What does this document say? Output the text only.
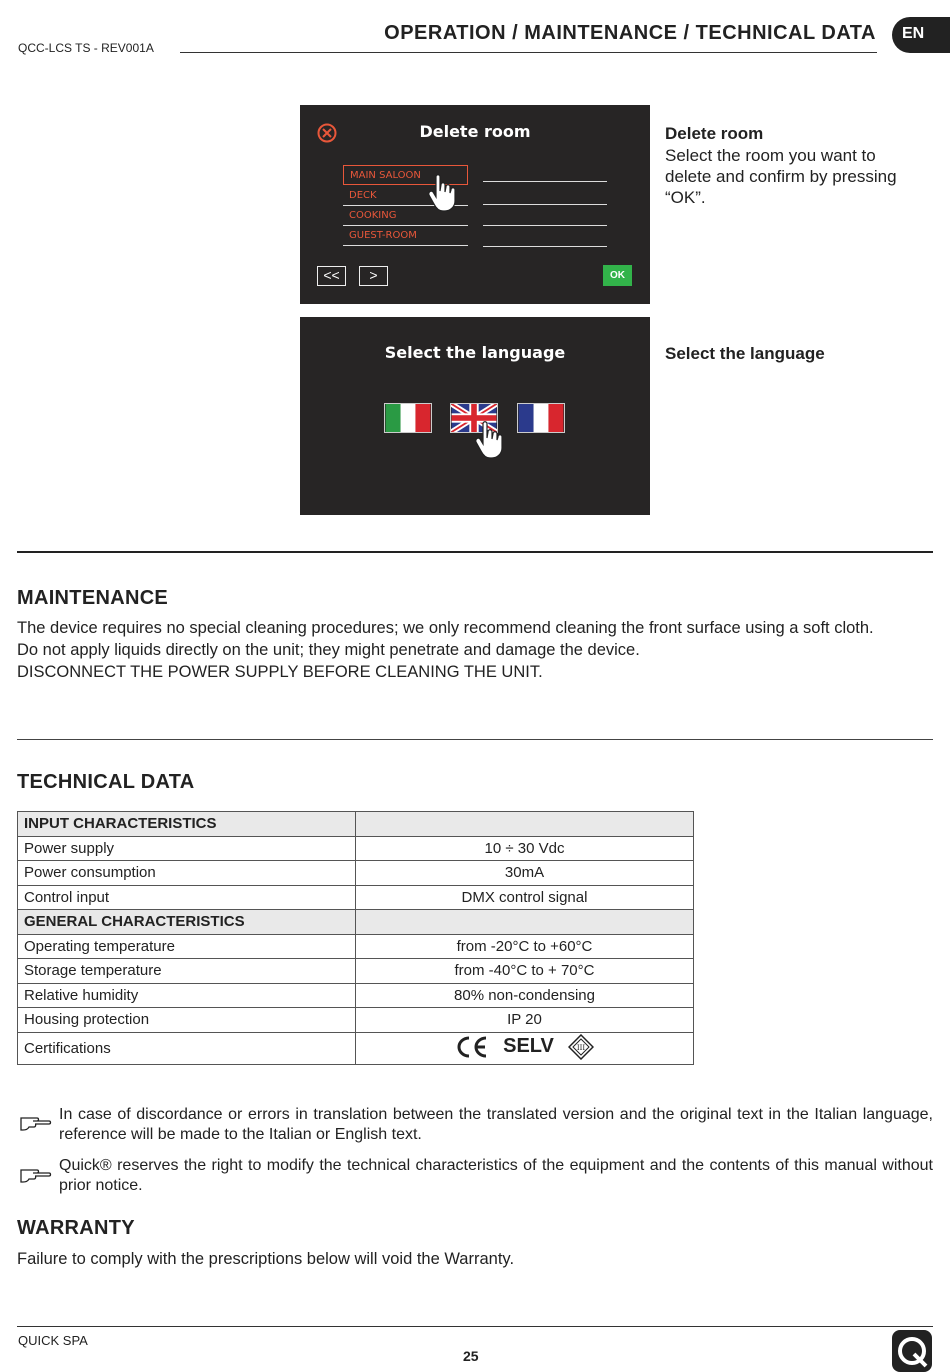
QCC-LCS TS - REV001A
OPERATION / MAINTENANCE / TECHNICAL DATA	EN
Delete room
MAIN SALOON
DECK
COOKING
GUEST-ROOM
<<	>	OK
Select the language
Delete room
Select the room you want to delete and confirm by pressing “OK”.
Select the language
MAINTENANCE
The device requires no special cleaning procedures; we only recommend cleaning the front surface using a soft cloth.
Do not apply liquids directly on the unit; they might penetrate and damage the device.
DISCONNECT THE POWER SUPPLY BEFORE CLEANING THE UNIT.
TECHNICAL DATA
INPUT CHARACTERISTICS	
Power supply	10 ÷ 30 Vdc
Power consumption	30mA
Control input	DMX control signal
GENERAL CHARACTERISTICS	
Operating temperature	from -20°C to +60°C
Storage temperature	from -40°C to + 70°C
Relative humidity	80% non-condensing
Housing protection	IP 20
Certifications	SELV III
In case of discordance or errors in translation between the translated version and the original text in the Italian language, reference will be made to the Italian or English text.
Quick® reserves the right to modify the technical characteristics of the equipment and the contents of this manual without prior notice.
WARRANTY
Failure to comply with the prescriptions below will void the Warranty.
QUICK SPA
25
